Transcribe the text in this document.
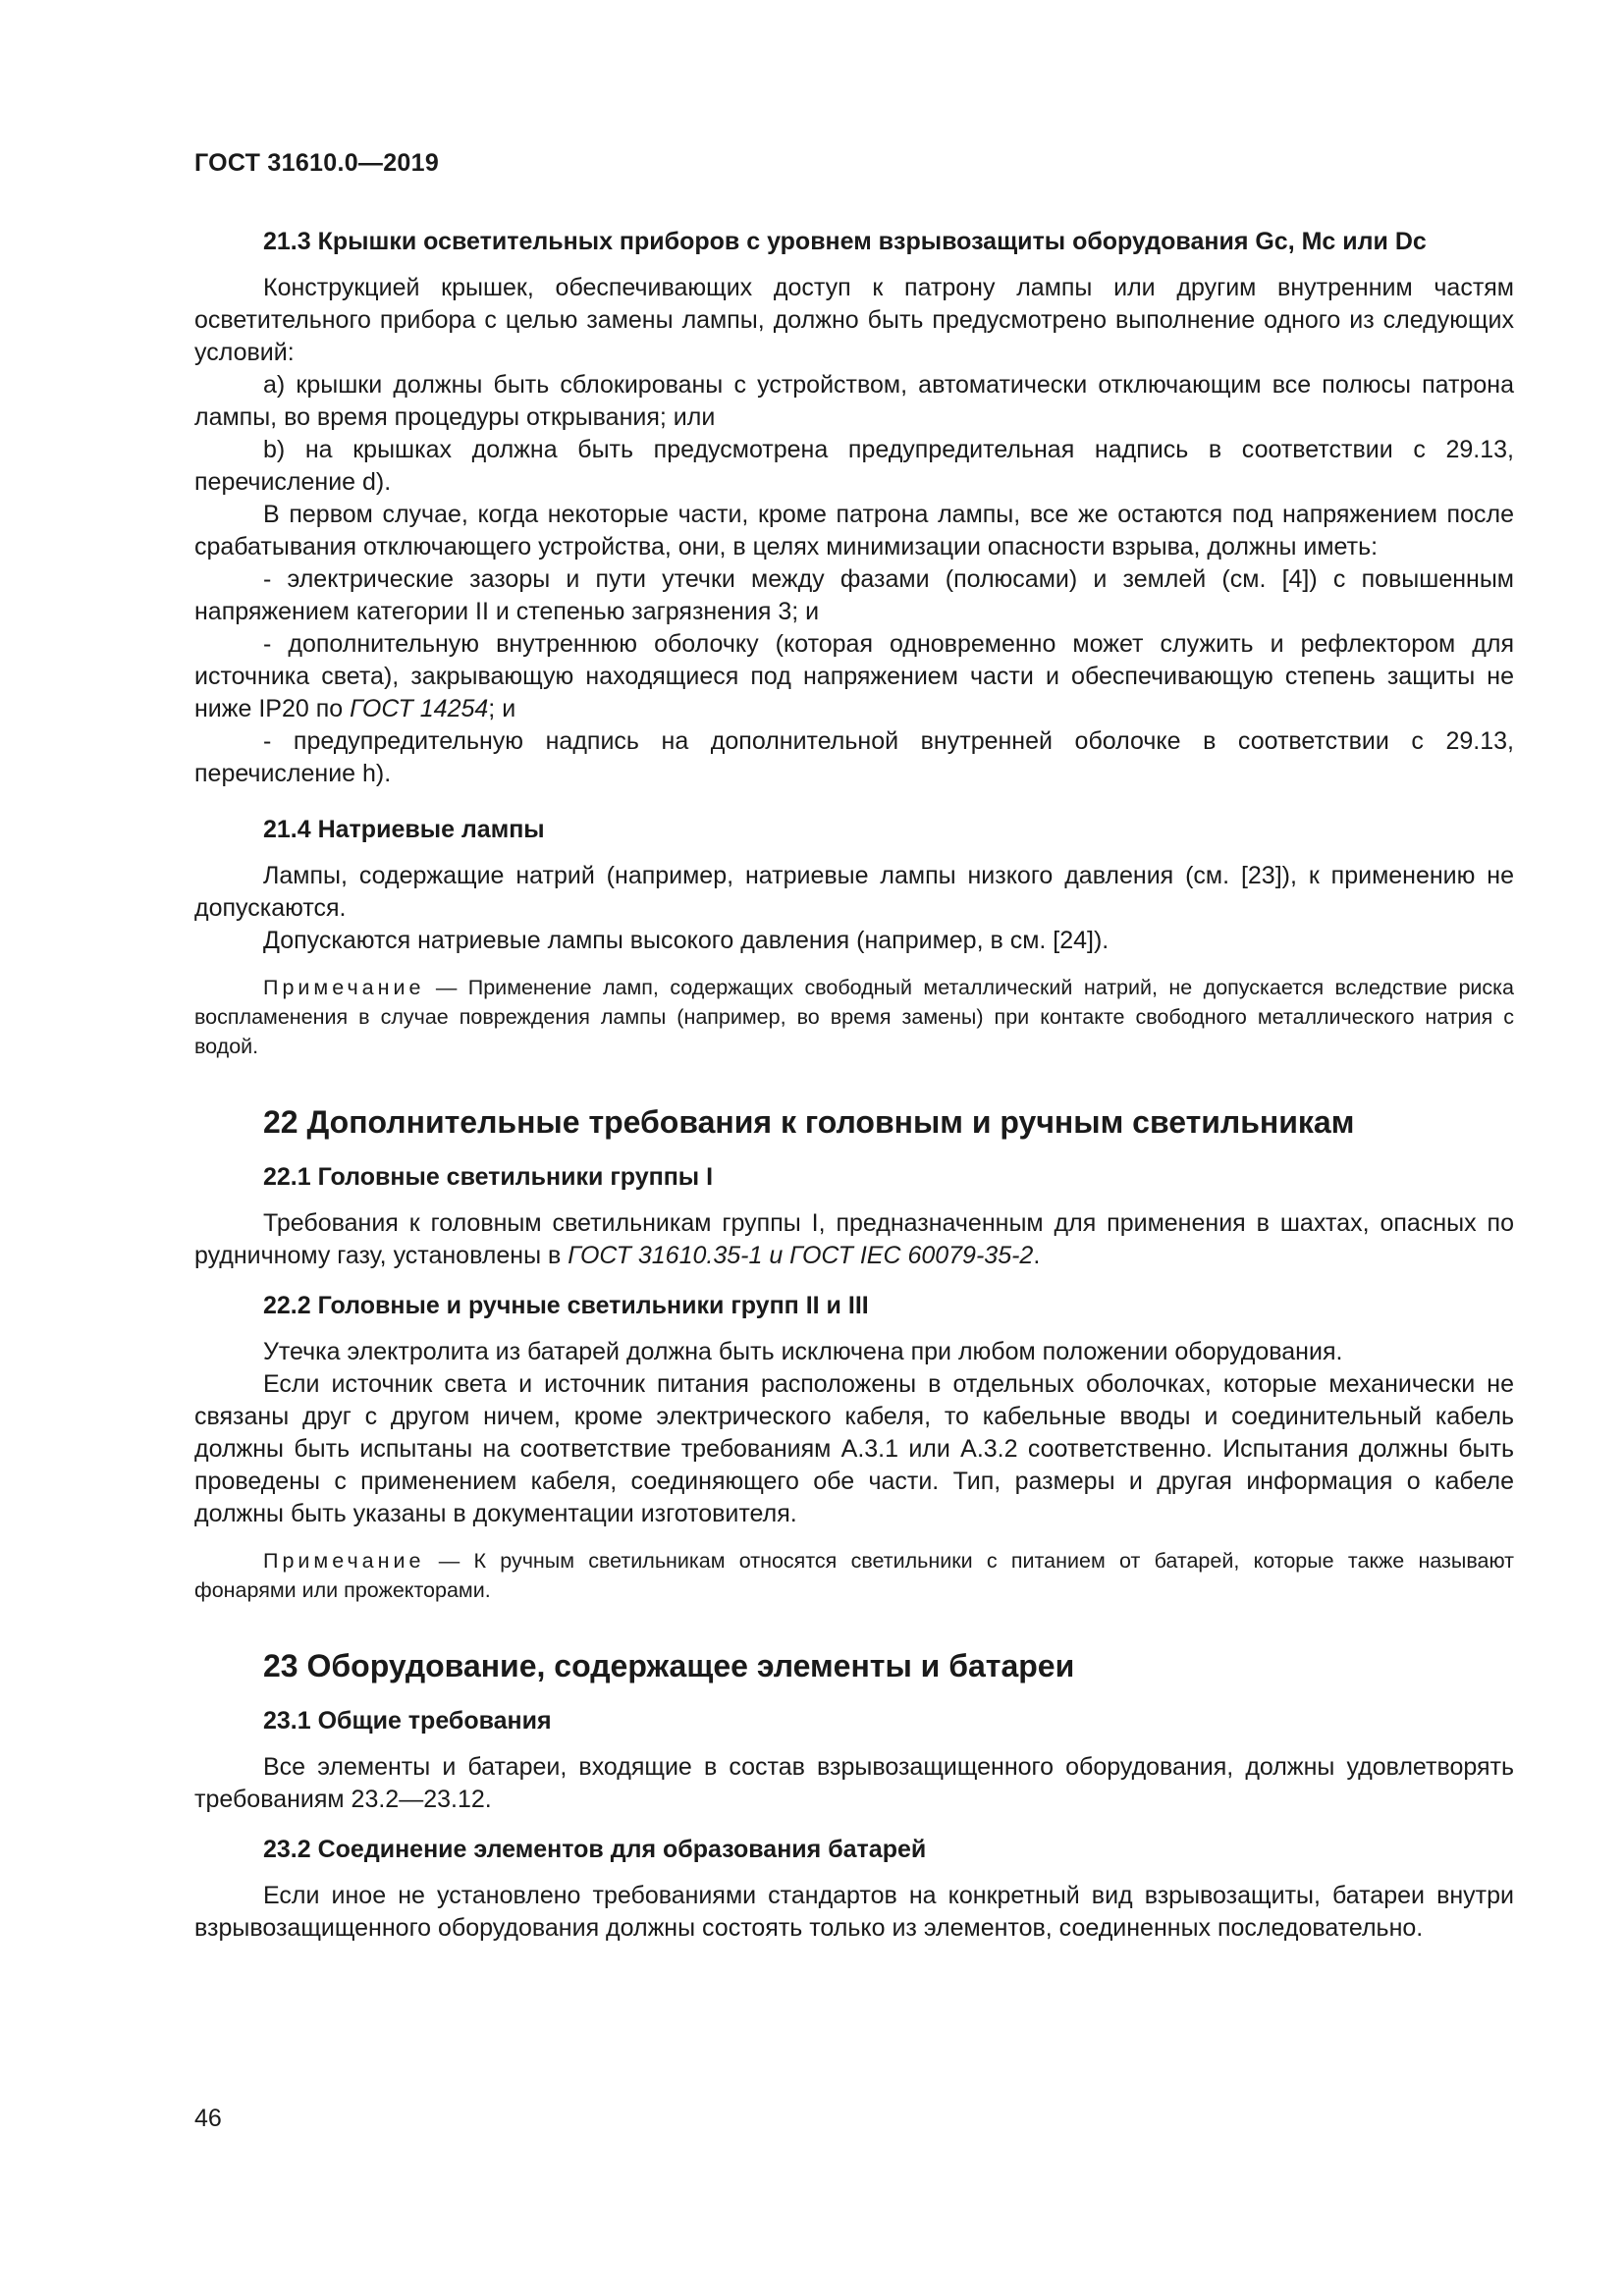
ГОСТ 31610.0—2019
21.3 Крышки осветительных приборов с уровнем взрывозащиты оборудования Gc, Mc или Dc
Конструкцией крышек, обеспечивающих доступ к патрону лампы или другим внутренним частям осветительного прибора с целью замены лампы, должно быть предусмотрено выполнение одного из следующих условий:
a) крышки должны быть сблокированы с устройством, автоматически отключающим все полюсы патрона лампы, во время процедуры открывания; или
b) на крышках должна быть предусмотрена предупредительная надпись в соответствии с 29.13, перечисление d).
В первом случае, когда некоторые части, кроме патрона лампы, все же остаются под напряжением после срабатывания отключающего устройства, они, в целях минимизации опасности взрыва, должны иметь:
- электрические зазоры и пути утечки между фазами (полюсами) и землей (см. [4]) с повышенным напряжением категории II и степенью загрязнения 3; и
- дополнительную внутреннюю оболочку (которая одновременно может служить и рефлектором для источника света), закрывающую находящиеся под напряжением части и обеспечивающую степень защиты не ниже IP20 по ГОСТ 14254; и
- предупредительную надпись на дополнительной внутренней оболочке в соответствии с 29.13, перечисление h).
21.4 Натриевые лампы
Лампы, содержащие натрий (например, натриевые лампы низкого давления (см. [23]), к применению не допускаются.
Допускаются натриевые лампы высокого давления (например, в см. [24]).
Примечание — Применение ламп, содержащих свободный металлический натрий, не допускается вследствие риска воспламенения в случае повреждения лампы (например, во время замены) при контакте свободного металлического натрия с водой.
22 Дополнительные требования к головным и ручным светильникам
22.1 Головные светильники группы I
Требования к головным светильникам группы I, предназначенным для применения в шахтах, опасных по рудничному газу, установлены в ГОСТ 31610.35-1 и ГОСТ IEC 60079-35-2.
22.2 Головные и ручные светильники групп II и III
Утечка электролита из батарей должна быть исключена при любом положении оборудования.
Если источник света и источник питания расположены в отдельных оболочках, которые механически не связаны друг с другом ничем, кроме электрического кабеля, то кабельные вводы и соединительный кабель должны быть испытаны на соответствие требованиям А.3.1 или А.3.2 соответственно. Испытания должны быть проведены с применением кабеля, соединяющего обе части. Тип, размеры и другая информация о кабеле должны быть указаны в документации изготовителя.
Примечание — К ручным светильникам относятся светильники с питанием от батарей, которые также называют фонарями или прожекторами.
23 Оборудование, содержащее элементы и батареи
23.1 Общие требования
Все элементы и батареи, входящие в состав взрывозащищенного оборудования, должны удовлетворять требованиям 23.2—23.12.
23.2 Соединение элементов для образования батарей
Если иное не установлено требованиями стандартов на конкретный вид взрывозащиты, батареи внутри взрывозащищенного оборудования должны состоять только из элементов, соединенных последовательно.
46
